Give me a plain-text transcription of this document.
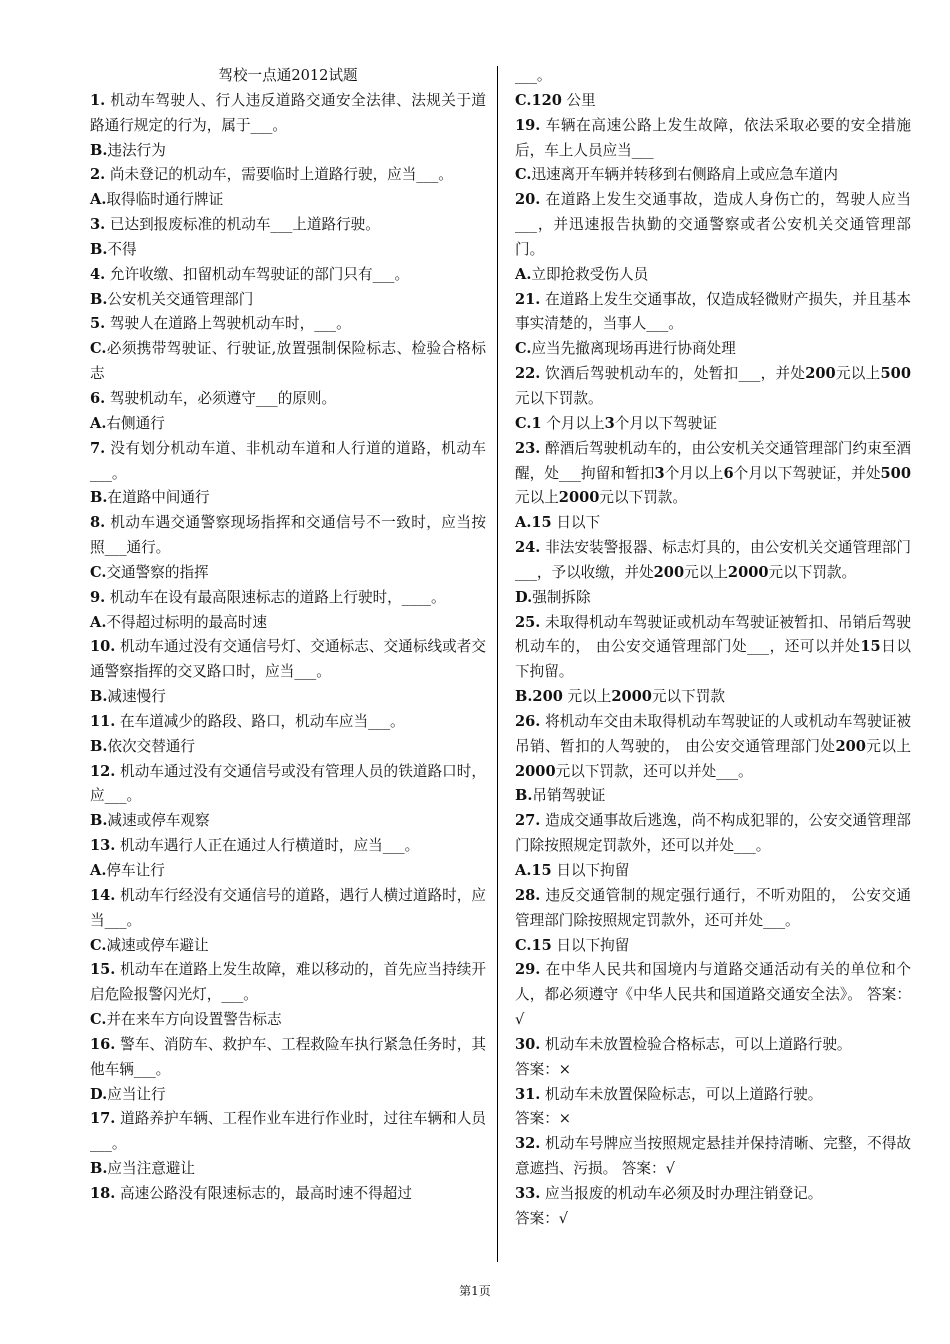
驾校一点通2012试题

1. 机动车驾驶人、行人违反道路交通安全法律、法规关于道路通行规定的行为，属于___。

B.违法行为

2. 尚未登记的机动车，需要临时上道路行驶，应当___。

A.取得临时通行牌证

3. 已达到报废标准的机动车___上道路行驶。

B.不得

4. 允许收缴、扣留机动车驾驶证的部门只有___。

B.公安机关交通管理部门

5. 驾驶人在道路上驾驶机动车时，___。

C.必须携带驾驶证、行驶证,放置强制保险标志、检验合格标志

6. 驾驶机动车，必须遵守___的原则。

A.右侧通行

7. 没有划分机动车道、非机动车道和人行道的道路，机动车___。

B.在道路中间通行

8. 机动车遇交通警察现场指挥和交通信号不一致时，应当按照___通行。

C.交通警察的指挥

9. 机动车在设有最高限速标志的道路上行驶时，____。

A.不得超过标明的最高时速

10. 机动车通过没有交通信号灯、交通标志、交通标线或者交通警察指挥的交叉路口时，应当___。

B.减速慢行

11. 在车道减少的路段、路口，机动车应当___。

B.依次交替通行

12. 机动车通过没有交通信号或没有管理人员的铁道路口时，应___。

B.减速或停车观察

13. 机动车遇行人正在通过人行横道时，应当___。

A.停车让行

14. 机动车行经没有交通信号的道路，遇行人横过道路时，应当___。

C.减速或停车避让

15. 机动车在道路上发生故障，难以移动的，首先应当持续开启危险报警闪光灯，___。

C.并在来车方向设置警告标志

16. 警车、消防车、救护车、工程救险车执行紧急任务时，其他车辆___。

D.应当让行

17. 道路养护车辆、工程作业车进行作业时，过往车辆和人员___。

B.应当注意避让

18. 高速公路没有限速标志的，最高时速不得超过

___。

C.120 公里

19. 车辆在高速公路上发生故障，依法采取必要的安全措施后，车上人员应当___

C.迅速离开车辆并转移到右侧路肩上或应急车道内

20. 在道路上发生交通事故，造成人身伤亡的，驾驶人应当___，并迅速报告执勤的交通警察或者公安机关交通管理部门。

A.立即抢救受伤人员

21. 在道路上发生交通事故，仅造成轻微财产损失，并且基本事实清楚的，当事人___。

C.应当先撤离现场再进行协商处理

22. 饮酒后驾驶机动车的，处暂扣___，并处200元以上500元以下罚款。

C.1 个月以上3个月以下驾驶证

23. 醉酒后驾驶机动车的，由公安机关交通管理部门约束至酒醒，处___拘留和暂扣3个月以上6个月以下驾驶证，并处500元以上2000元以下罚款。

A.15 日以下

24. 非法安装警报器、标志灯具的，由公安机关交通管理部门___，予以收缴，并处200元以上2000元以下罚款。

D.强制拆除

25. 未取得机动车驾驶证或机动车驾驶证被暂扣、吊销后驾驶机动车的， 由公安交通管理部门处___，还可以并处15日以下拘留。

B.200 元以上2000元以下罚款

26. 将机动车交由未取得机动车驾驶证的人或机动车驾驶证被吊销、暂扣的人驾驶的， 由公安交通管理部门处200元以上2000元以下罚款，还可以并处___。

B.吊销驾驶证

27. 造成交通事故后逃逸，尚不构成犯罪的，公安交通管理部门除按照规定罚款外，还可以并处___。

A.15 日以下拘留

28. 违反交通管制的规定强行通行，不听劝阻的， 公安交通管理部门除按照规定罚款外，还可并处___。

C.15 日以下拘留

29. 在中华人民共和国境内与道路交通活动有关的单位和个人，都必须遵守《中华人民共和国道路交通安全法》。 答案：√

30. 机动车未放置检验合格标志，可以上道路行驶。

答案：×

31. 机动车未放置保险标志，可以上道路行驶。

答案：×

32. 机动车号牌应当按照规定悬挂并保持清晰、完整，不得故意遮挡、污损。 答案：√

33. 应当报废的机动车必须及时办理注销登记。

答案：√

第1页
